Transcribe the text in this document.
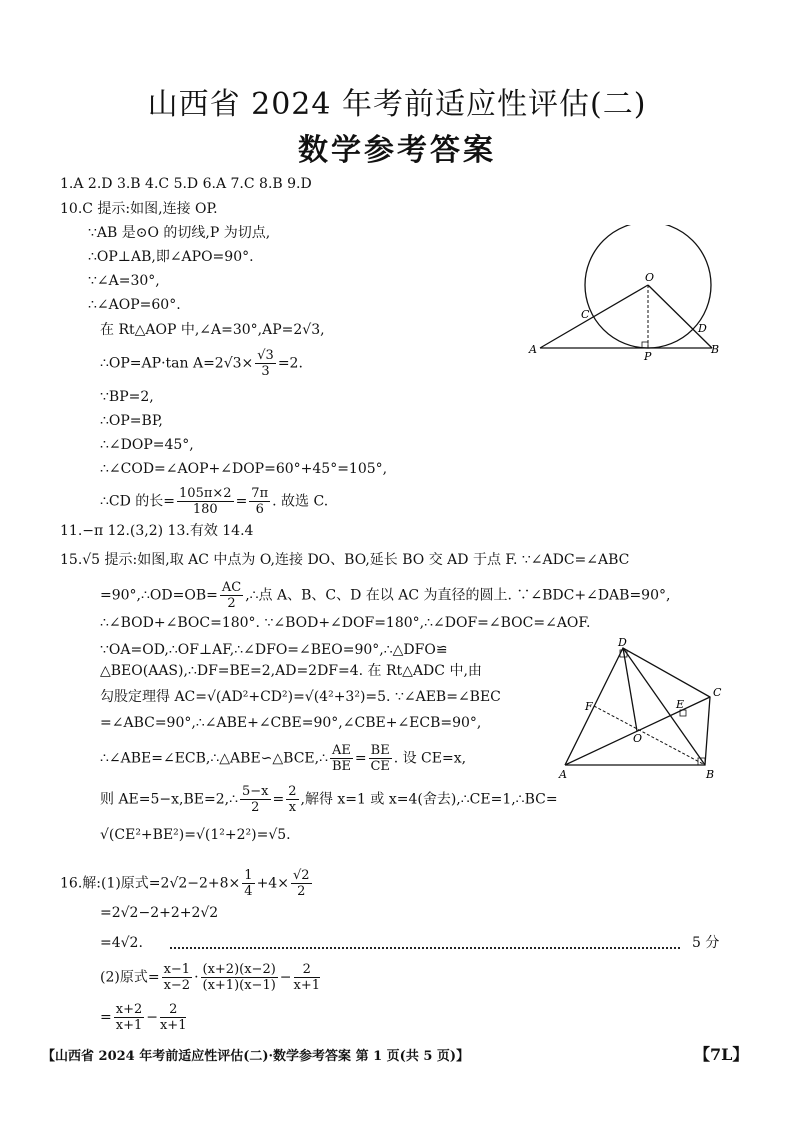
山西省 2024 年考前适应性评估(二)
数学参考答案
1.A 2.D 3.B 4.C 5.D 6.A 7.C 8.B 9.D
10.C 提示:如图,连接 OP.
∵AB 是⊙O 的切线,P 为切点,
∴OP⊥AB,即∠APO=90°.
∵∠A=30°,
∴∠AOP=60°.
在 Rt△AOP 中,∠A=30°,AP=2√3,
∴OP=AP·tan $A=2√3\times \frac{√3}{3} =2$.
∵BP=2,
∴OP=BP,
∴∠DOP=45°,
∴∠COD=∠AOP+∠DOP=60°+45°=105°,
∴CD 的长= $\frac{105\pi\times 2}{180} = \frac{7\pi}{6}$ . 故选 C.
O
C
D
A
P
B
11.−π 12.(3,2) 13.有效 14.4
15.√5 提示:如图,取 AC 中点为 O,连接 DO、BO,延长 BO 交 AD 于点 F. ∵∠ADC=∠ABC
=90°,∴OD=OB= $\frac{AC}{2}$ ,∴点 A、B、C、D 在以 AC 为直径的圆上. ∵∠BDC+∠DAB=90°,
∴∠BOD+∠BOC=180°. ∵∠BOD+∠DOF=180°,∴∠DOF=∠BOC=∠AOF.
∵OA=OD,∴OF⊥AF,∴∠DFO=∠BEO=90°,∴△DFO≌
△BEO(AAS),∴DF=BE=2,AD=2DF=4. 在 Rt△ADC 中,由
勾股定理得 AC=√(AD²+CD²)=√(4²+3²)=5. ∵∠AEB=∠BEC
=∠ABC=90°,∴∠ABE+∠CBE=90°,∠CBE+∠ECB=90°,
∴∠ABE=∠ECB,∴△ABE∽△BCE,∴ $\frac{AE}{BE} = \frac{BE}{CE}$ . 设 CE=x,
则 AE=5−x,BE=2,∴ $\frac{5-x}{2} = \frac{2}{x}$ ,解得 x=1 或 x=4(舍去),∴CE=1,∴BC=
√(CE²+BE²)=√(1²+2²)=√5.
D
C
F	E
O
A	B
16.解:(1)原式$=2√2-2+8\times \frac{1}{4} +4\times \frac{√2}{2}$
=2√2−2+2+2√2
=4√2.	5 分
(2)原式= $\frac{x-1}{x-2} \cdot \frac{(x+2)(x-2)}{(x+1)(x-1)} - \frac{2}{x+1}$
= $\frac{x+2}{x+1} - \frac{2}{x+1}$
【山西省 2024 年考前适应性评估(二)·数学参考答案 第 1 页(共 5 页)】	【7L】
